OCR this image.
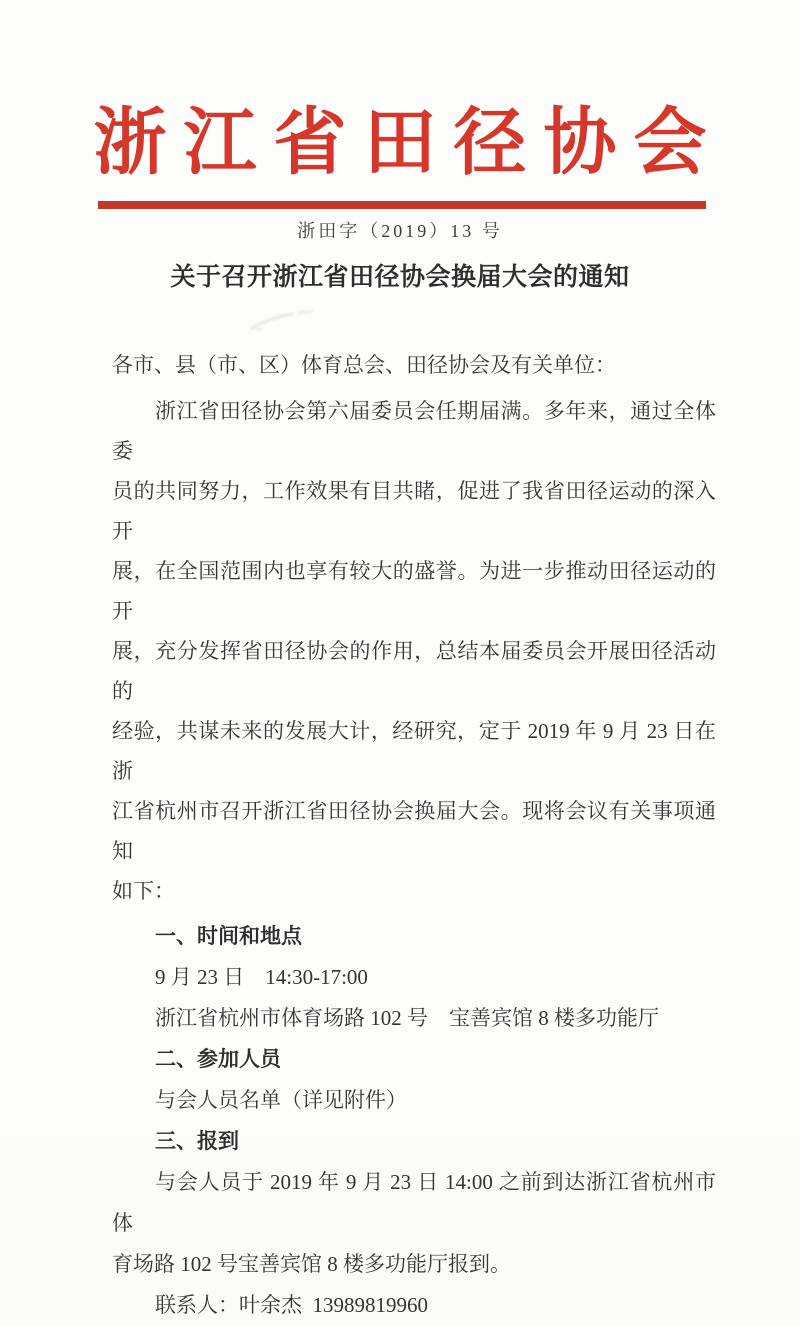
浙江省田径协会
浙田字（2019）13 号
关于召开浙江省田径协会换届大会的通知
各市、县（市、区）体育总会、田径协会及有关单位：
浙江省田径协会第六届委员会任期届满。多年来，通过全体委
员的共同努力，工作效果有目共睹，促进了我省田径运动的深入开
展，在全国范围内也享有较大的盛誉。为进一步推动田径运动的开
展，充分发挥省田径协会的作用，总结本届委员会开展田径活动的
经验，共谋未来的发展大计，经研究，定于 2019 年 9 月 23 日在浙
江省杭州市召开浙江省田径协会换届大会。现将会议有关事项通知
如下：
一、时间和地点
9 月 23 日　14:30-17:00
浙江省杭州市体育场路 102 号　宝善宾馆 8 楼多功能厅
二、参加人员
与会人员名单（详见附件）
三、报到
与会人员于 2019 年 9 月 23 日 14:00 之前到达浙江省杭州市体
育场路 102 号宝善宾馆 8 楼多功能厅报到。
联系人：叶余杰  13989819960
